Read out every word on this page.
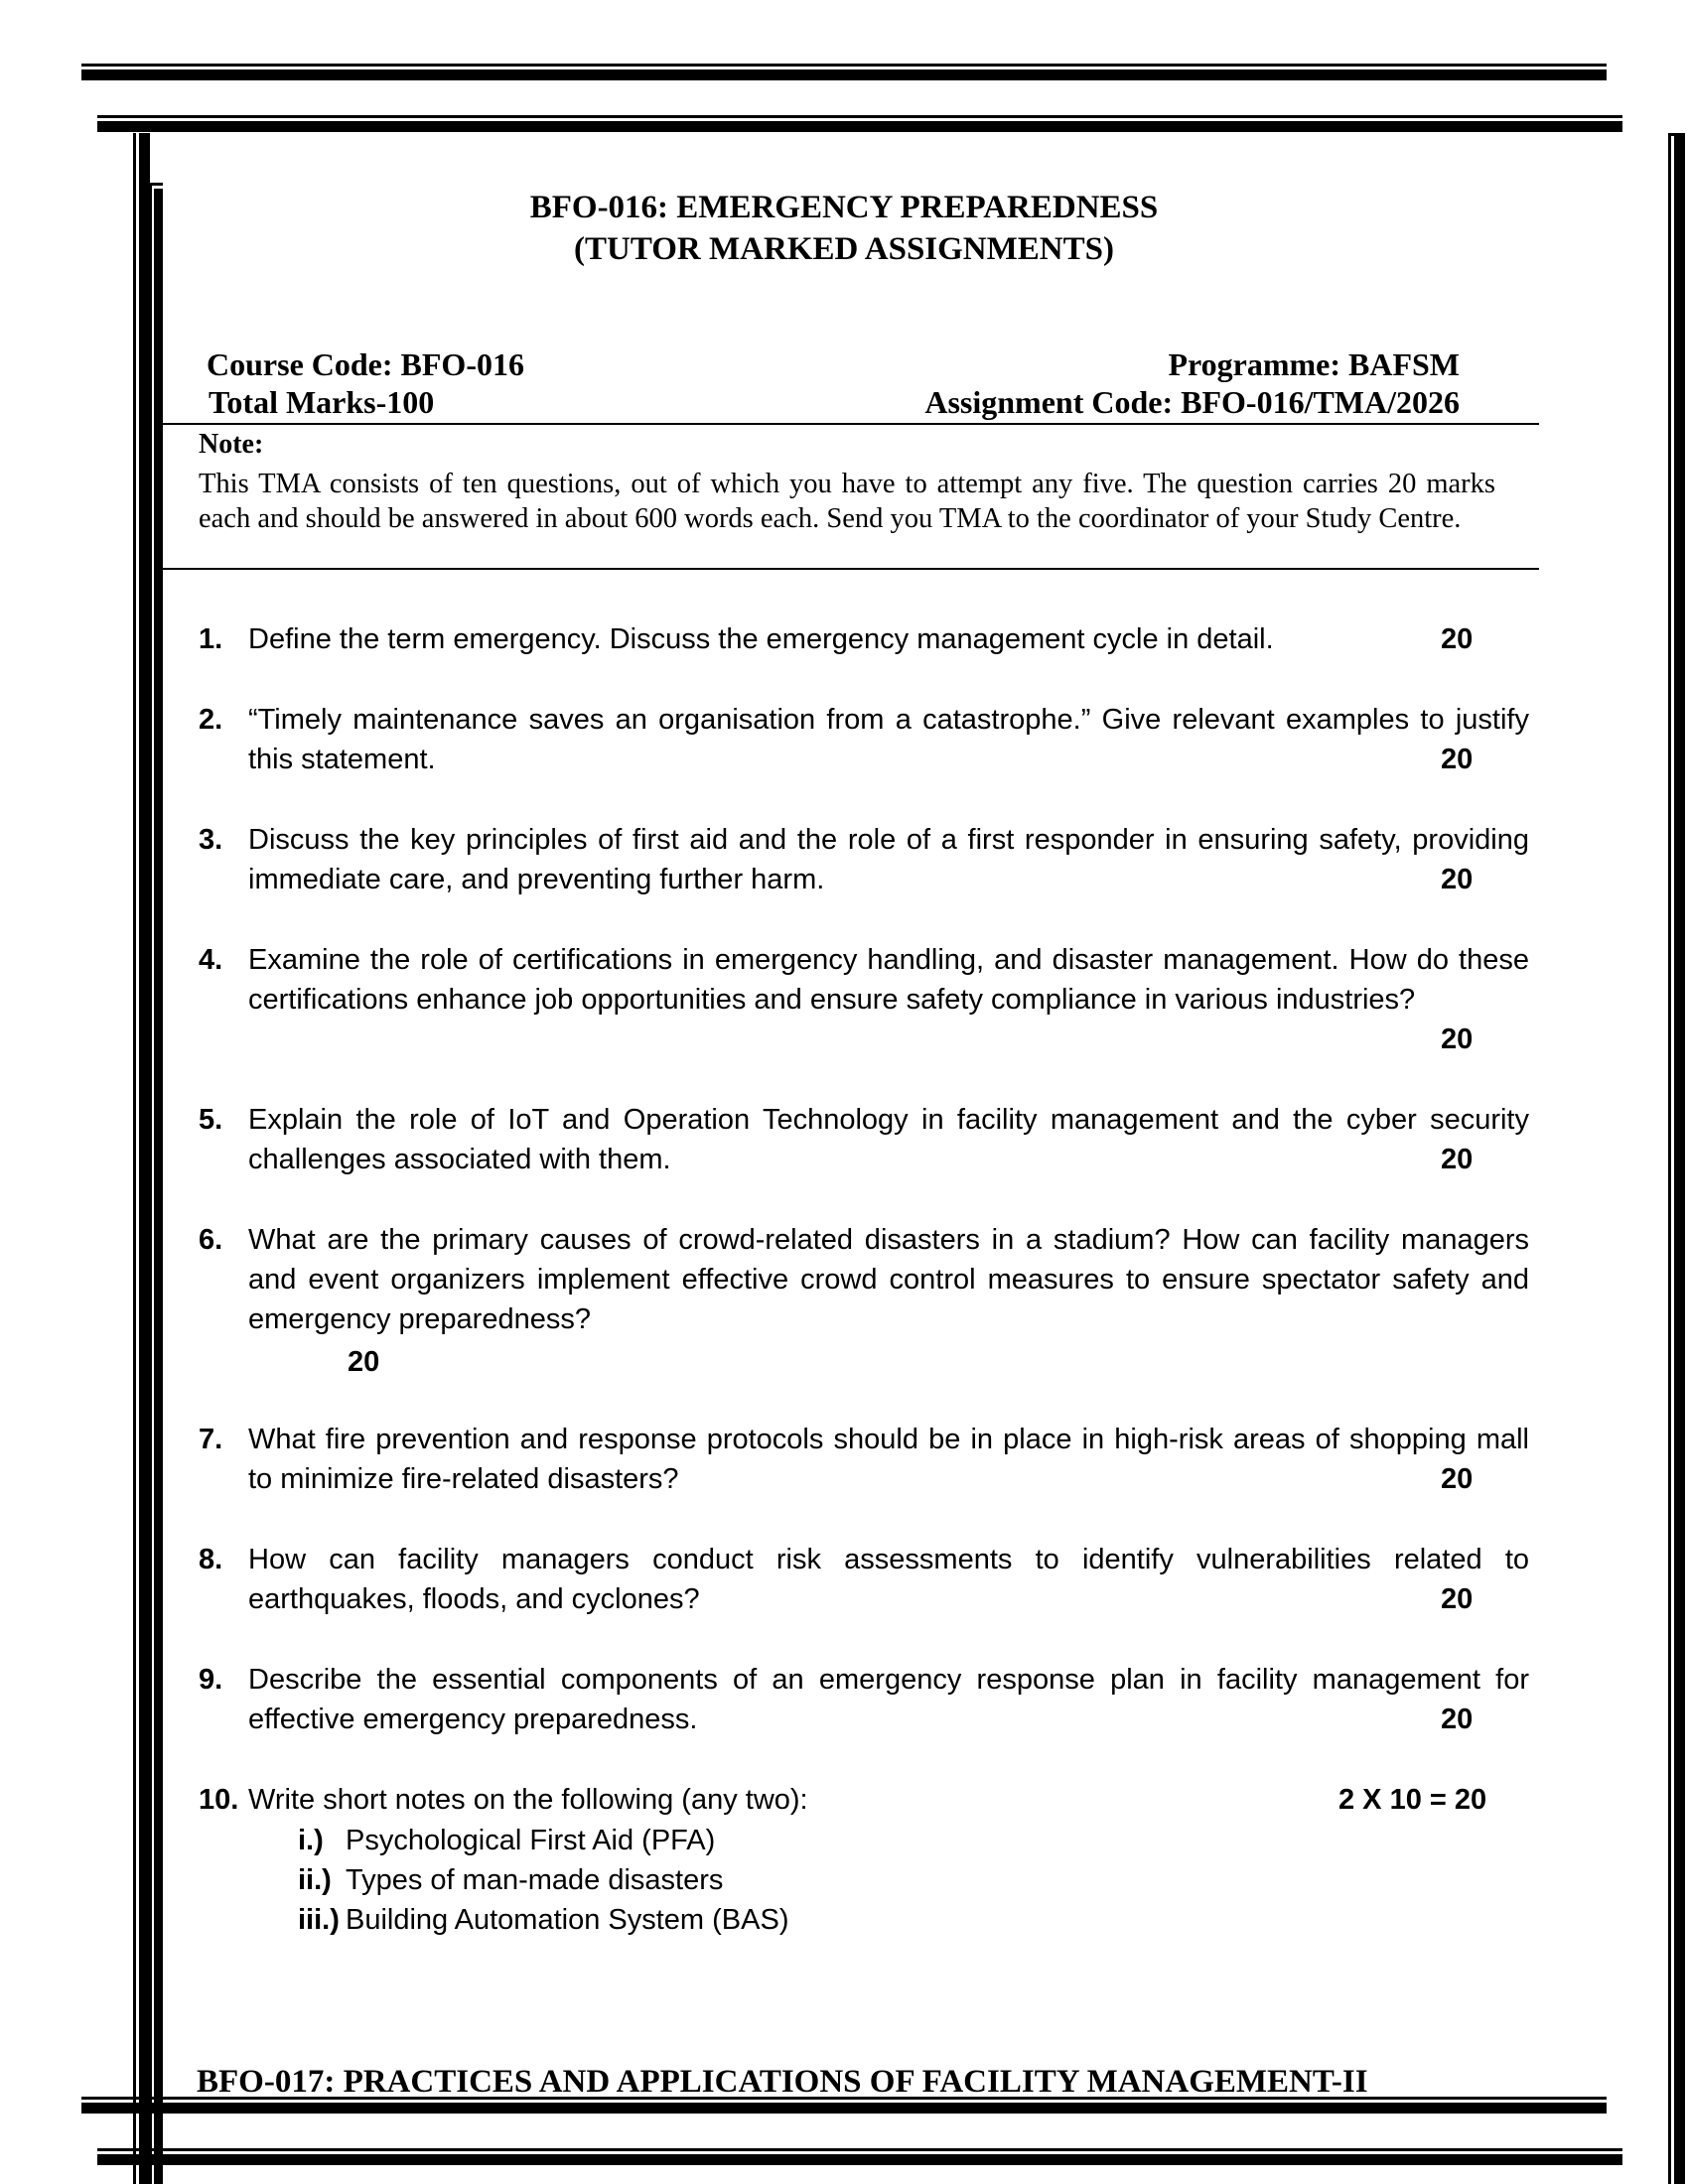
BFO-016: EMERGENCY PREPAREDNESS
(TUTOR MARKED ASSIGNMENTS)
Course Code: BFO-016	Programme: BAFSM
Total Marks-100	Assignment Code: BFO-016/TMA/2026
Note:
This TMA consists of ten questions, out of which you have to attempt any five. The question carries 20 marks each and should be answered in about 600 words each. Send you TMA to the coordinator of your Study Centre.
1. Define the term emergency. Discuss the emergency management cycle in detail.	20
2. “Timely maintenance saves an organisation from a catastrophe.” Give relevant examples to justify this statement.	20
3. Discuss the key principles of first aid and the role of a first responder in ensuring safety, providing immediate care, and preventing further harm.	20
4. Examine the role of certifications in emergency handling, and disaster management. How do these certifications enhance job opportunities and ensure safety compliance in various industries?
20
5. Explain the role of IoT and Operation Technology in facility management and the cyber security challenges associated with them.	20
6. What are the primary causes of crowd-related disasters in a stadium? How can facility managers and event organizers implement effective crowd control measures to ensure spectator safety and emergency preparedness?
20
7. What fire prevention and response protocols should be in place in high-risk areas of shopping mall to minimize fire-related disasters?	20
8. How can facility managers conduct risk assessments to identify vulnerabilities related to earthquakes, floods, and cyclones?	20
9. Describe the essential components of an emergency response plan in facility management for effective emergency preparedness.	20
10. Write short notes on the following (any two):	2 X 10 = 20
i.) Psychological First Aid (PFA)
ii.) Types of man-made disasters
iii.) Building Automation System (BAS)
BFO-017: PRACTICES AND APPLICATIONS OF FACILITY MANAGEMENT-II
